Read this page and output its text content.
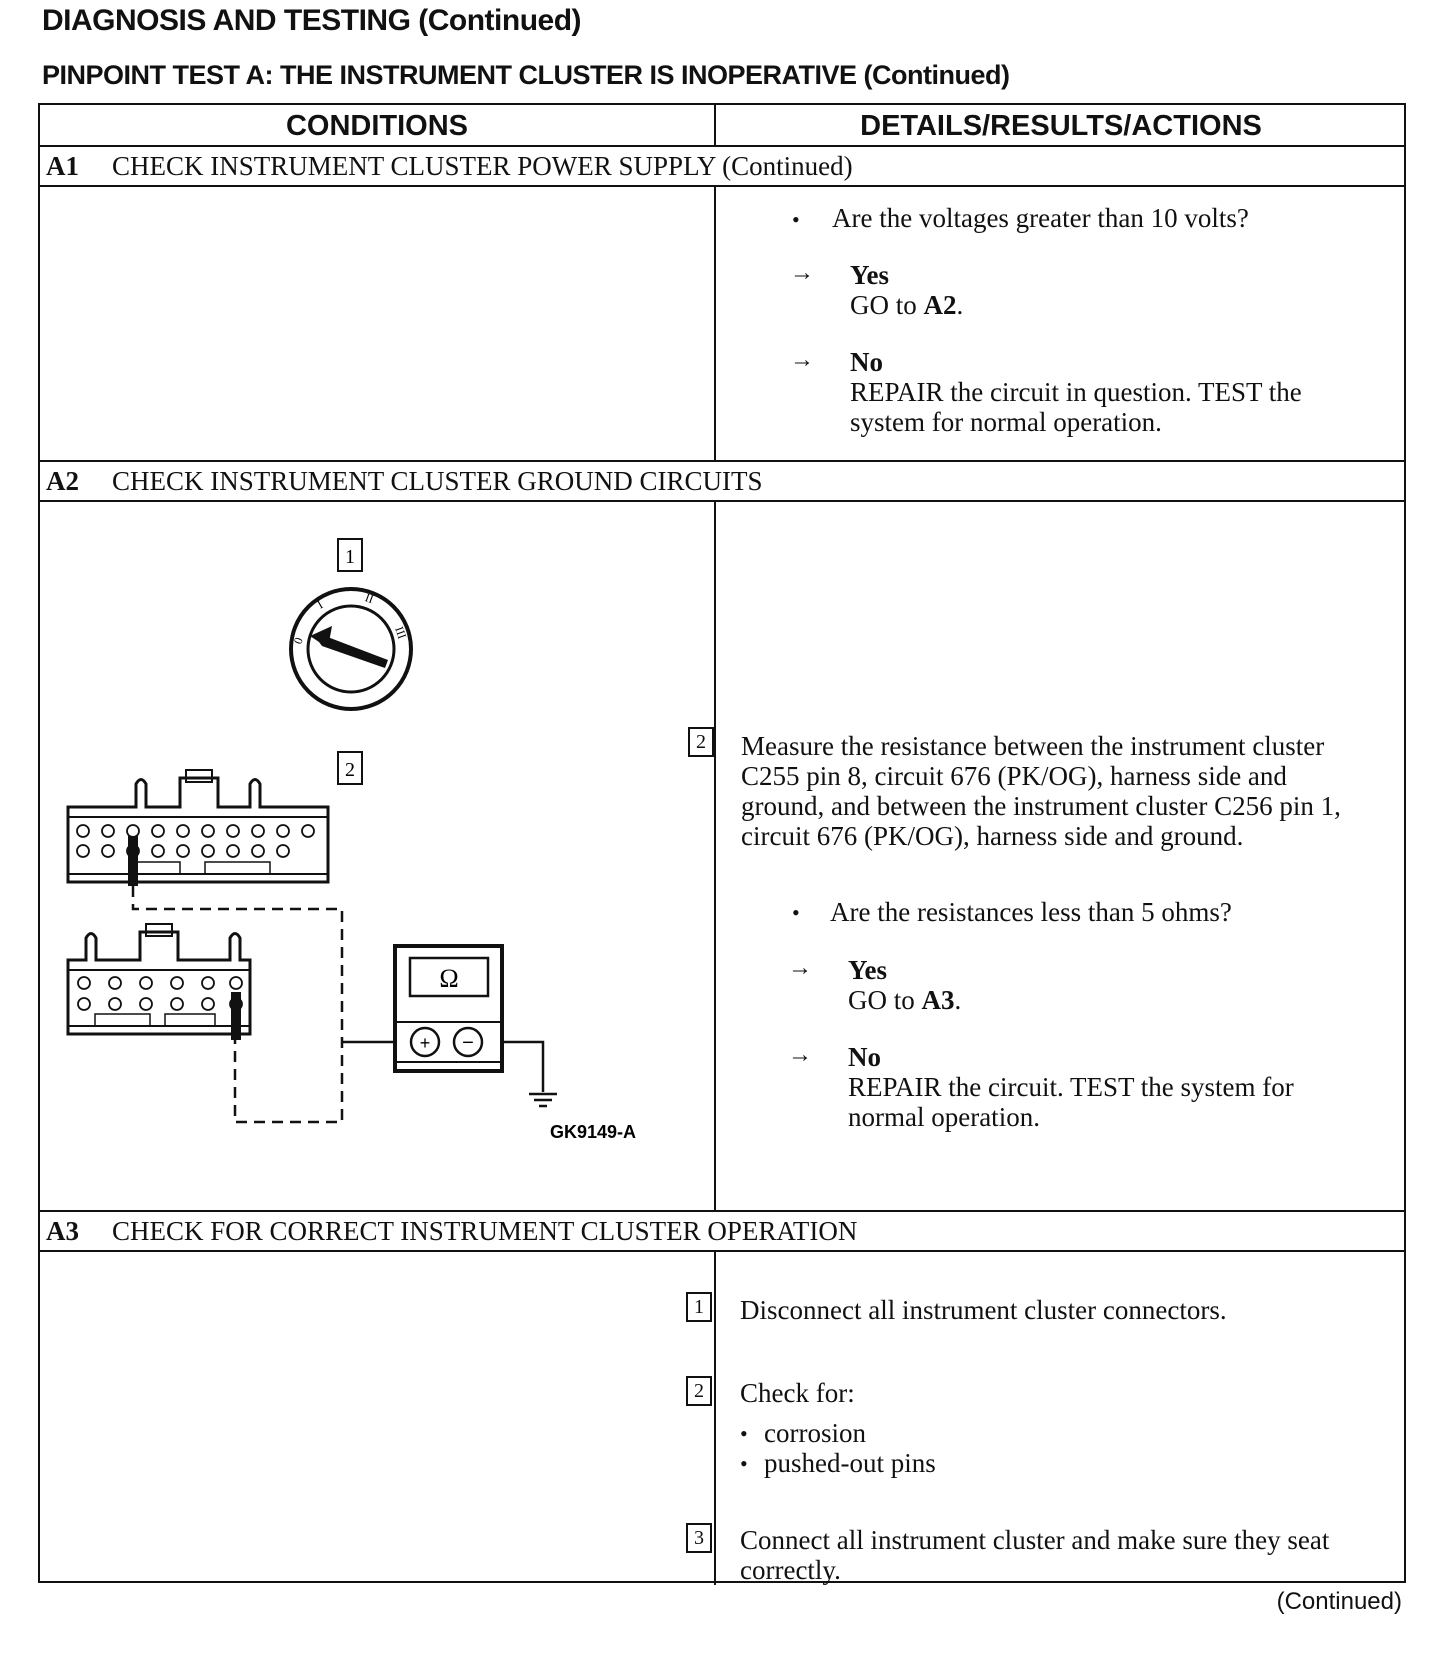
DIAGNOSIS AND TESTING (Continued)
PINPOINT TEST A: THE INSTRUMENT CLUSTER IS INOPERATIVE (Continued)
CONDITIONS	DETAILS/RESULTS/ACTIONS
A1 CHECK INSTRUMENT CLUSTER POWER SUPPLY (Continued)
• Are the voltages greater than 10 volts?
→ Yes
GO to A2.
→ No
REPAIR the circuit in question. TEST the system for normal operation.
A2 CHECK INSTRUMENT CLUSTER GROUND CIRCUITS
1
0
I	II
III
2
Ω
+ −
GK9149-A
2 Measure the resistance between the instrument cluster C255 pin 8, circuit 676 (PK/OG), harness side and ground, and between the instrument cluster C256 pin 1, circuit 676 (PK/OG), harness side and ground.
• Are the resistances less than 5 ohms?
→ Yes
GO to A3.
→ No
REPAIR the circuit. TEST the system for normal operation.
A3 CHECK FOR CORRECT INSTRUMENT CLUSTER OPERATION
1 Disconnect all instrument cluster connectors.
2 Check for:
• corrosion
• pushed-out pins
3 Connect all instrument cluster and make sure they seat correctly.
(Continued)
